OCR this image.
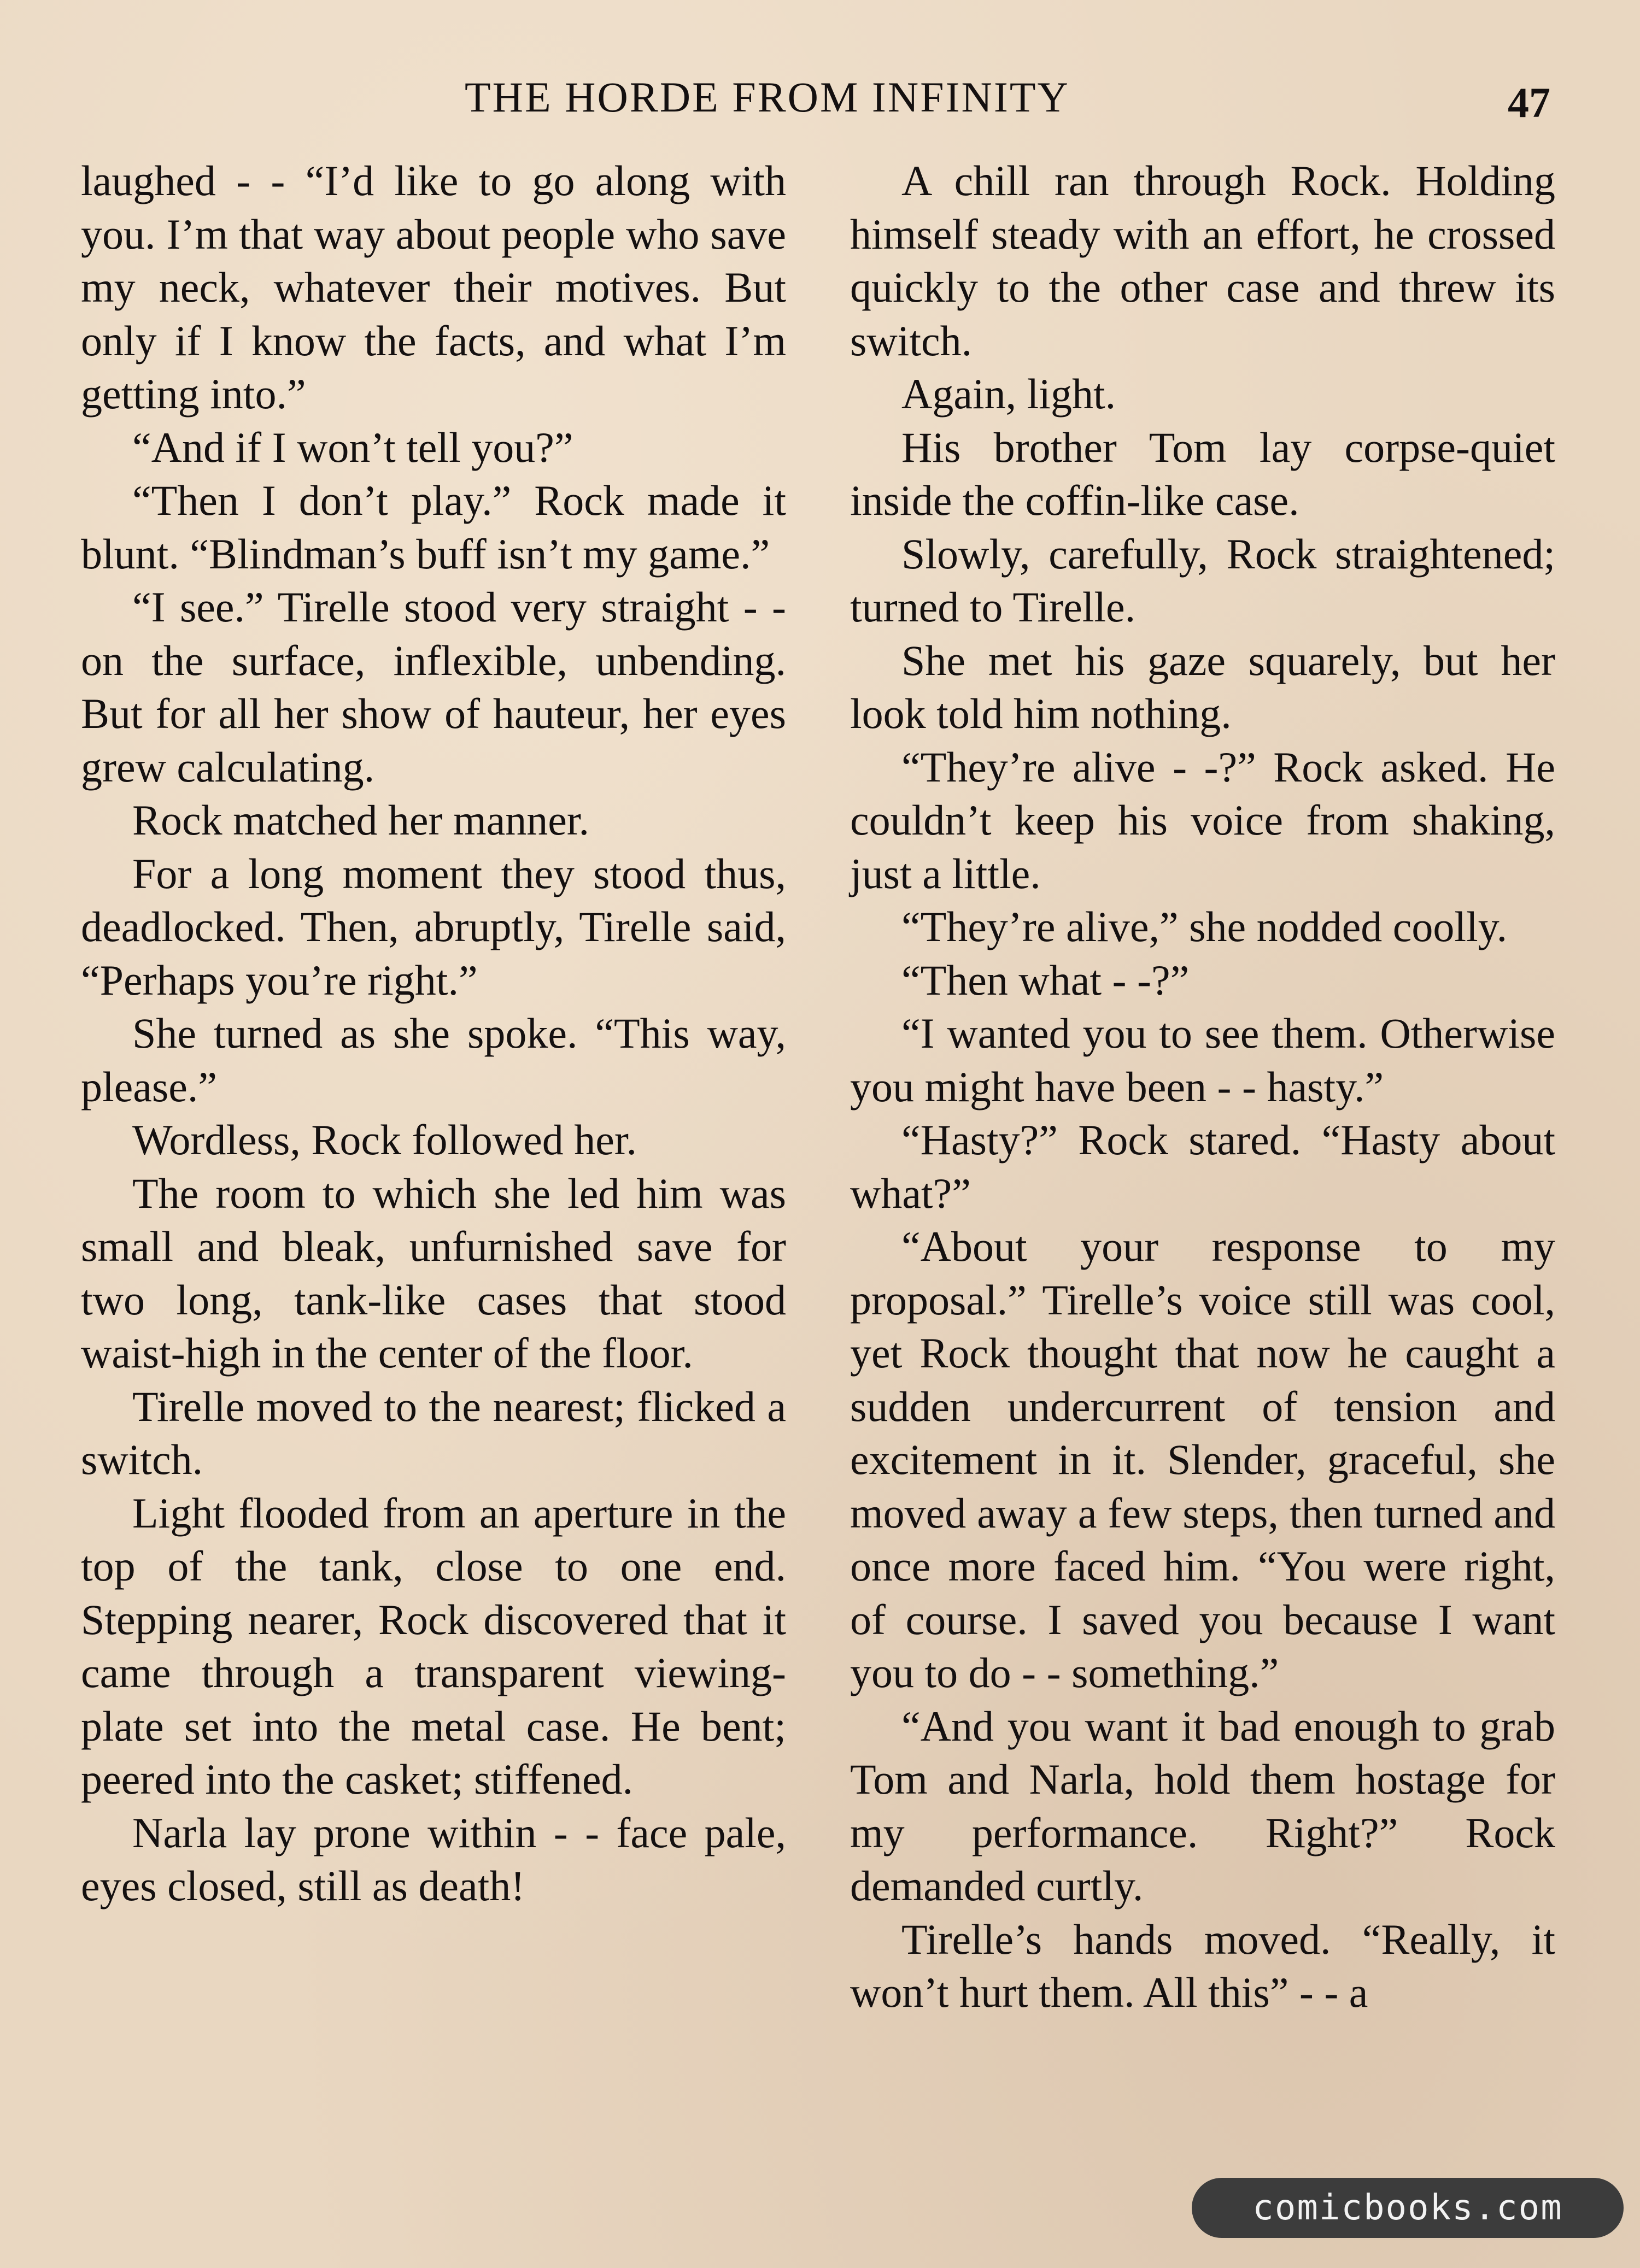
THE HORDE FROM INFINITY	47

laughed - - “I’d like to go along with you. I’m that way about people who save my neck, whatever their motives. But only if I know the facts, and what I’m getting into.”

“And if I won’t tell you?”

“Then I don’t play.” Rock made it blunt. “Blindman’s buff isn’t my game.”

“I see.” Tirelle stood very straight - - on the surface, inflexible, unbending. But for all her show of hauteur, her eyes grew calculating.

Rock matched her manner.

For a long moment they stood thus, deadlocked. Then, abruptly, Tirelle said, “Perhaps you’re right.”

She turned as she spoke. “This way, please.”

Wordless, Rock followed her.

The room to which she led him was small and bleak, unfurnished save for two long, tank-like cases that stood waist-high in the center of the floor.

Tirelle moved to the nearest; flicked a switch.

Light flooded from an aperture in the top of the tank, close to one end. Stepping nearer, Rock discovered that it came through a transparent viewing-plate set into the metal case. He bent; peered into the casket; stiffened.

Narla lay prone within - - face pale, eyes closed, still as death!

A chill ran through Rock. Holding himself steady with an effort, he crossed quickly to the other case and threw its switch.

Again, light.

His brother Tom lay corpse-quiet inside the coffin-like case.

Slowly, carefully, Rock straightened; turned to Tirelle.

She met his gaze squarely, but her look told him nothing.

“They’re alive - -?” Rock asked. He couldn’t keep his voice from shaking, just a little.

“They’re alive,” she nodded coolly.

“Then what - -?”

“I wanted you to see them. Otherwise you might have been - - hasty.”

“Hasty?” Rock stared. “Hasty about what?”

“About your response to my proposal.” Tirelle’s voice still was cool, yet Rock thought that now he caught a sudden undercurrent of tension and excitement in it. Slender, graceful, she moved away a few steps, then turned and once more faced him. “You were right, of course. I saved you because I want you to do - - something.”

“And you want it bad enough to grab Tom and Narla, hold them hostage for my performance. Right?” Rock demanded curtly.

Tirelle’s hands moved. “Really, it won’t hurt them. All this” - - a

comicbooks.com
